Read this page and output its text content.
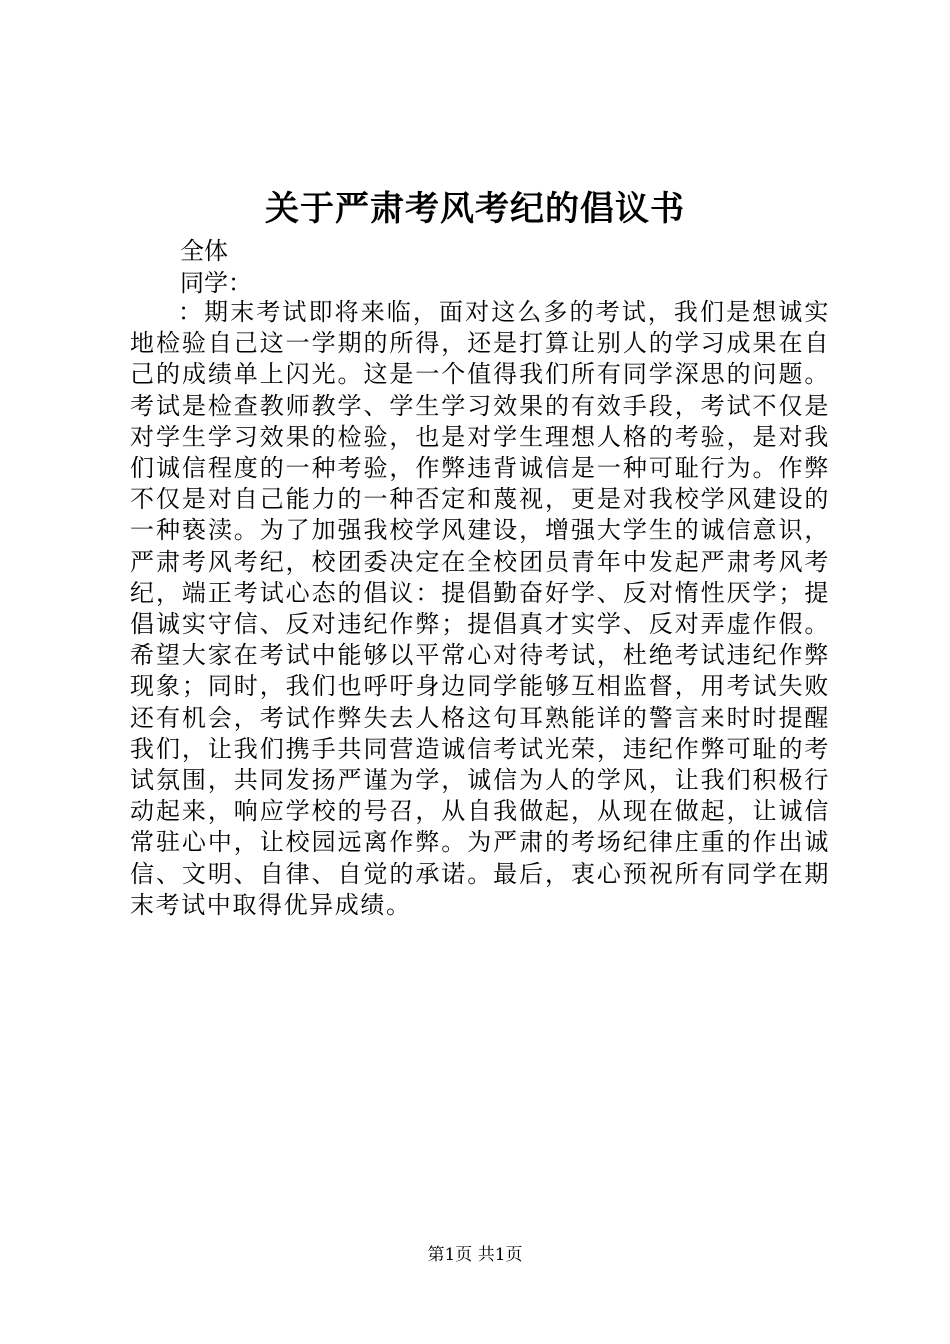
关于严肃考风考纪的倡议书

全体

同学：

：期末考试即将来临，面对这么多的考试，我们是想诚实地检验自己这一学期的所得，还是打算让别人的学习成果在自己的成绩单上闪光。这是一个值得我们所有同学深思的问题。考试是检查教师教学、学生学习效果的有效手段，考试不仅是对学生学习效果的检验，也是对学生理想人格的考验，是对我们诚信程度的一种考验，作弊违背诚信是一种可耻行为。作弊不仅是对自己能力的一种否定和蔑视，更是对我校学风建设的一种亵渎。为了加强我校学风建设，增强大学生的诚信意识，严肃考风考纪，校团委决定在全校团员青年中发起严肃考风考纪，端正考试心态的倡议：提倡勤奋好学、反对惰性厌学；提倡诚实守信、反对违纪作弊；提倡真才实学、反对弄虚作假。希望大家在考试中能够以平常心对待考试，杜绝考试违纪作弊现象；同时，我们也呼吁身边同学能够互相监督，用考试失败还有机会，考试作弊失去人格这句耳熟能详的警言来时时提醒我们，让我们携手共同营造诚信考试光荣，违纪作弊可耻的考试氛围，共同发扬严谨为学，诚信为人的学风，让我们积极行动起来，响应学校的号召，从自我做起，从现在做起，让诚信常驻心中，让校园远离作弊。为严肃的考场纪律庄重的作出诚信、文明、自律、自觉的承诺。最后，衷心预祝所有同学在期末考试中取得优异成绩。

第1页 共1页
